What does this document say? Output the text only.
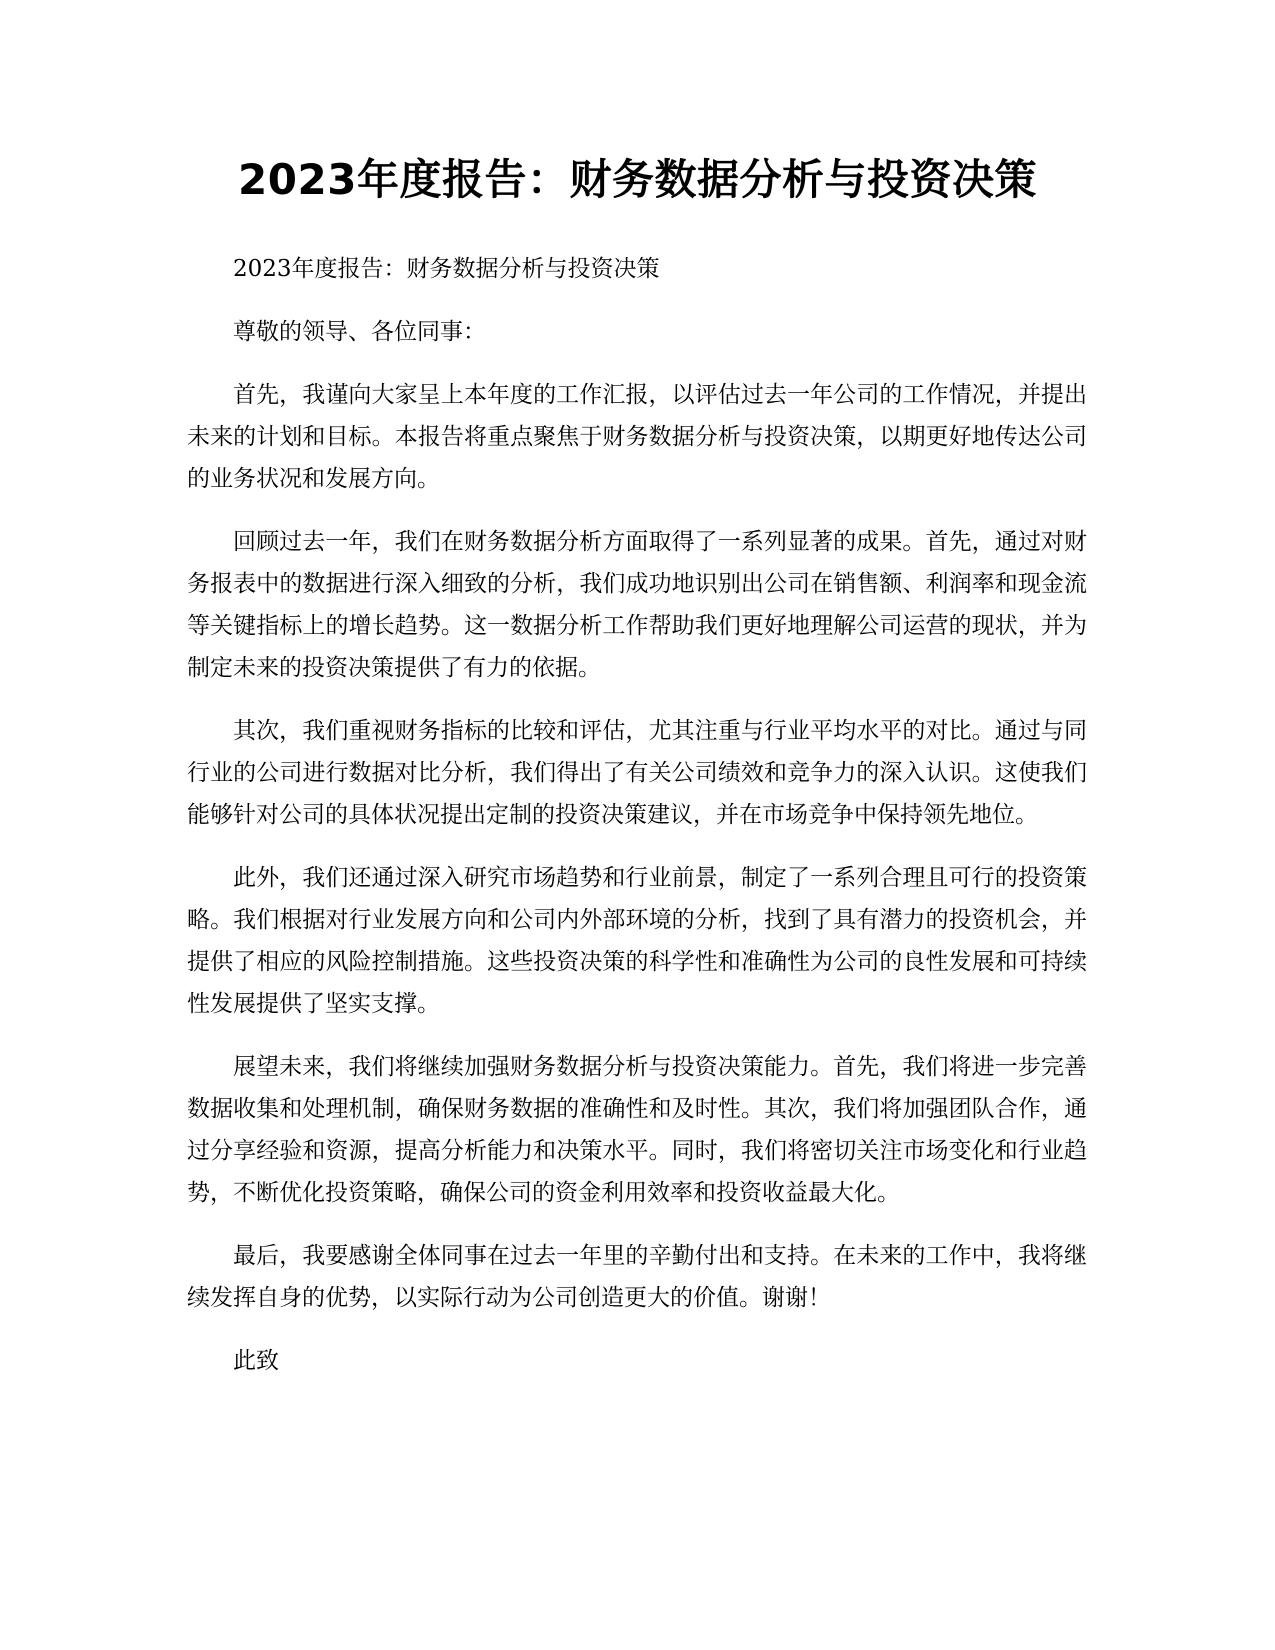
2023年度报告：财务数据分析与投资决策

2023年度报告：财务数据分析与投资决策

尊敬的领导、各位同事：

首先，我谨向大家呈上本年度的工作汇报，以评估过去一年公司的工作情况，并提出未来的计划和目标。本报告将重点聚焦于财务数据分析与投资决策，以期更好地传达公司的业务状况和发展方向。

回顾过去一年，我们在财务数据分析方面取得了一系列显著的成果。首先，通过对财务报表中的数据进行深入细致的分析，我们成功地识别出公司在销售额、利润率和现金流等关键指标上的增长趋势。这一数据分析工作帮助我们更好地理解公司运营的现状，并为制定未来的投资决策提供了有力的依据。

其次，我们重视财务指标的比较和评估，尤其注重与行业平均水平的对比。通过与同行业的公司进行数据对比分析，我们得出了有关公司绩效和竞争力的深入认识。这使我们能够针对公司的具体状况提出定制的投资决策建议，并在市场竞争中保持领先地位。

此外，我们还通过深入研究市场趋势和行业前景，制定了一系列合理且可行的投资策略。我们根据对行业发展方向和公司内外部环境的分析，找到了具有潜力的投资机会，并提供了相应的风险控制措施。这些投资决策的科学性和准确性为公司的良性发展和可持续性发展提供了坚实支撑。

展望未来，我们将继续加强财务数据分析与投资决策能力。首先，我们将进一步完善数据收集和处理机制，确保财务数据的准确性和及时性。其次，我们将加强团队合作，通过分享经验和资源，提高分析能力和决策水平。同时，我们将密切关注市场变化和行业趋势，不断优化投资策略，确保公司的资金利用效率和投资收益最大化。

最后，我要感谢全体同事在过去一年里的辛勤付出和支持。在未来的工作中，我将继续发挥自身的优势，以实际行动为公司创造更大的价值。谢谢！

此致
